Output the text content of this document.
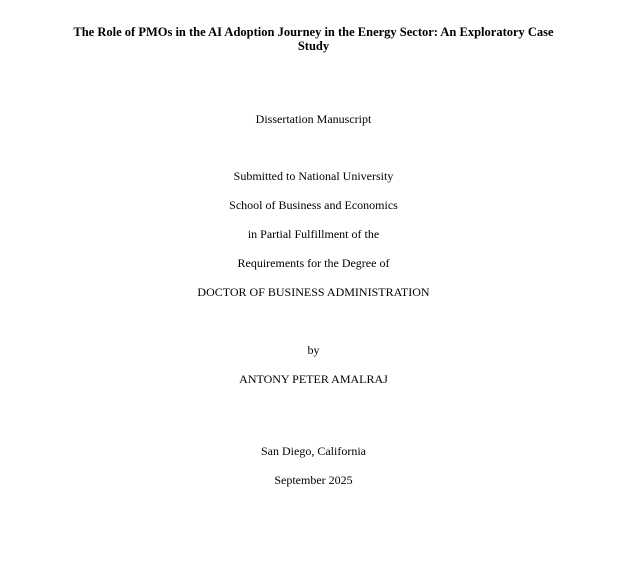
The Role of PMOs in the AI Adoption Journey in the Energy Sector: An Exploratory Case
Study
Dissertation Manuscript
Submitted to National University
School of Business and Economics
in Partial Fulfillment of the
Requirements for the Degree of
DOCTOR OF BUSINESS ADMINISTRATION
by
ANTONY PETER AMALRAJ
San Diego, California
September 2025
